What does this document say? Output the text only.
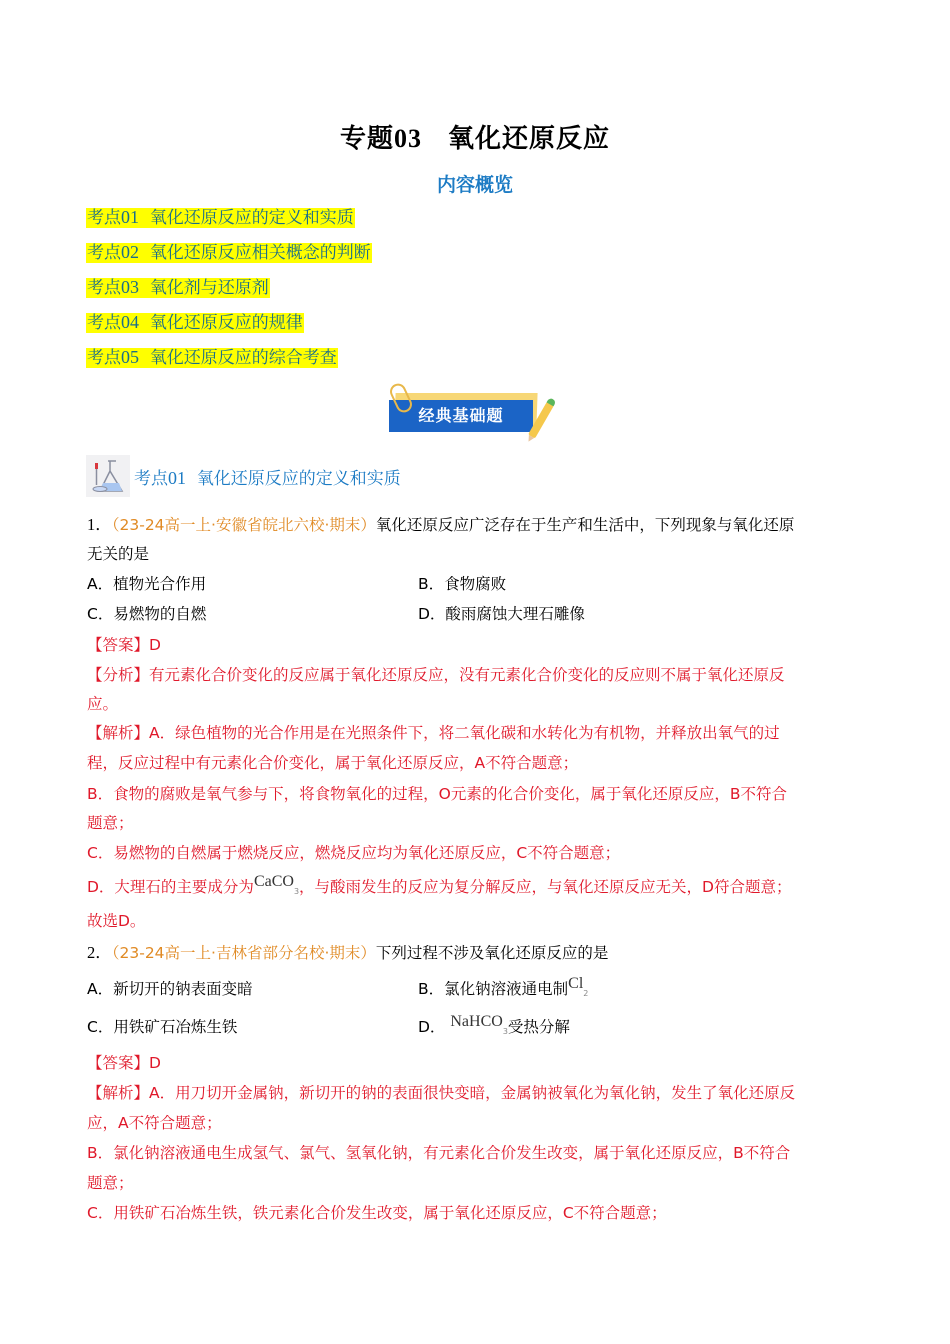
专题03 氧化还原反应
内容概览
考点01 氧化还原反应的定义和实质
考点02 氧化还原反应相关概念的判断
考点03 氧化剂与还原剂
考点04 氧化还原反应的规律
考点05 氧化还原反应的综合考查
经典基础题
考点01 氧化还原反应的定义和实质
1．（23-24高一上·安徽省皖北六校·期末）氧化还原反应广泛存在于生产和生活中，下列现象与氧化还原
无关的是
A．植物光合作用	B．食物腐败
C．易燃物的自燃	D．酸雨腐蚀大理石雕像
【答案】D
【分析】有元素化合价变化的反应属于氧化还原反应，没有元素化合价变化的反应则不属于氧化还原反
应。
【解析】A．绿色植物的光合作用是在光照条件下，将二氧化碳和水转化为有机物，并释放出氧气的过
程，反应过程中有元素化合价变化，属于氧化还原反应，A不符合题意；
B．食物的腐败是氧气参与下，将食物氧化的过程，O元素的化合价变化，属于氧化还原反应，B不符合
题意；
C．易燃物的自燃属于燃烧反应，燃烧反应均为氧化还原反应，C不符合题意；
D．大理石的主要成分为CaCO3，与酸雨发生的反应为复分解反应，与氧化还原反应无关，D符合题意；
故选D。
2．（23-24高一上·吉林省部分名校·期末）下列过程不涉及氧化还原反应的是
A．新切开的钠表面变暗	B．氯化钠溶液通电制Cl2
C．用铁矿石冶炼生铁	D． NaHCO3受热分解
【答案】D
【解析】A．用刀切开金属钠，新切开的钠的表面很快变暗，金属钠被氧化为氧化钠，发生了氧化还原反
应，A不符合题意；
B．氯化钠溶液通电生成氢气、氯气、氢氧化钠，有元素化合价发生改变，属于氧化还原反应，B不符合
题意；
C．用铁矿石冶炼生铁，铁元素化合价发生改变，属于氧化还原反应，C不符合题意；
